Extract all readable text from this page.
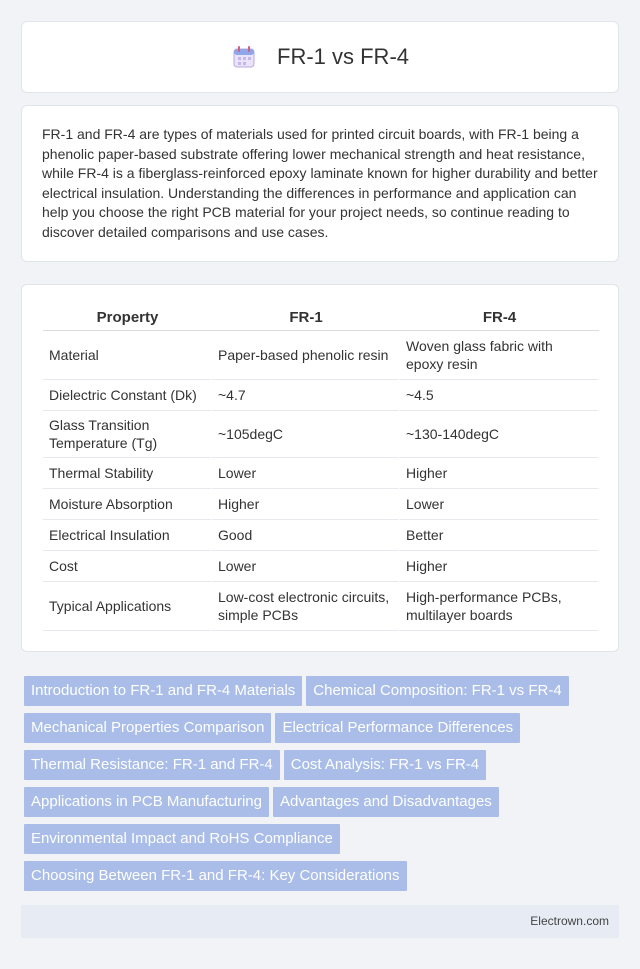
FR-1 vs FR-4

FR-1 and FR-4 are types of materials used for printed circuit boards, with FR-1 being a phenolic paper-based substrate offering lower mechanical strength and heat resistance, while FR-4 is a fiberglass-reinforced epoxy laminate known for higher durability and better electrical insulation. Understanding the differences in performance and application can help you choose the right PCB material for your project needs, so continue reading to discover detailed comparisons and use cases.

Property	FR-1	FR-4
Material	Paper-based phenolic resin	Woven glass fabric with epoxy resin
Dielectric Constant (Dk)	~4.7	~4.5
Glass Transition Temperature (Tg)	~105degC	~130-140degC
Thermal Stability	Lower	Higher
Moisture Absorption	Higher	Lower
Electrical Insulation	Good	Better
Cost	Lower	Higher
Typical Applications	Low-cost electronic circuits, simple PCBs	High-performance PCBs, multilayer boards
Introduction to FR-1 and FR-4 Materials Chemical Composition: FR-1 vs FR-4
Mechanical Properties Comparison Electrical Performance Differences
Thermal Resistance: FR-1 and FR-4 Cost Analysis: FR-1 vs FR-4
Applications in PCB Manufacturing Advantages and Disadvantages
Environmental Impact and RoHS Compliance
Choosing Between FR-1 and FR-4: Key Considerations
Electrown.com
